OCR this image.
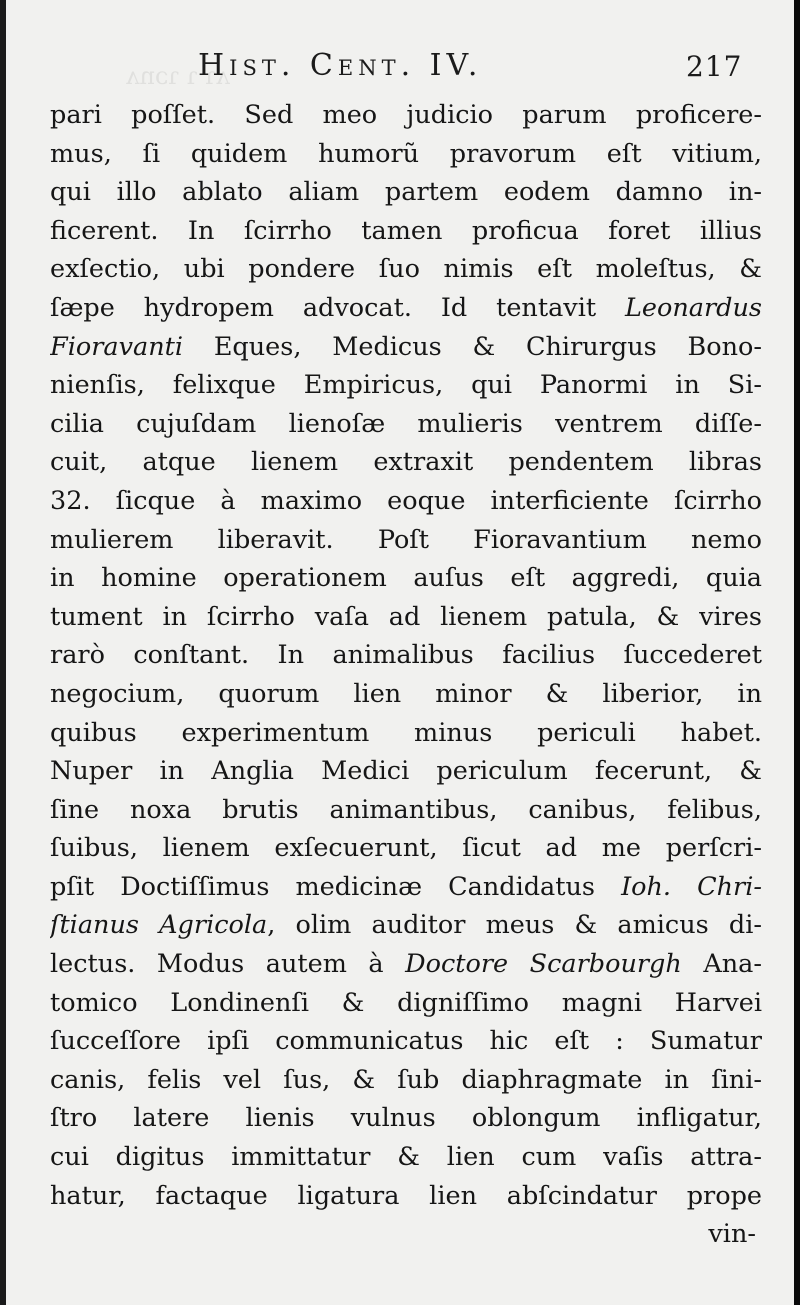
ʌɿ ɿ ɿɔnʌ
Hist. Cent. IV.	217
pari poſſet. Sed meo judicio parum proficere-
mus, ſi quidem humorũ pravorum eſt vitium,
qui illo ablato aliam partem eodem damno in-
ficerent. In ſcirrho tamen proficua foret illius
exſectio, ubi pondere ſuo nimis eſt moleſtus, &
ſæpe hydropem advocat. Id tentavit Leonardus
Fioravanti Eques, Medicus & Chirurgus Bono-
nienſis, felixque Empiricus, qui Panormi in Si-
cilia cujuſdam lienoſæ mulieris ventrem diſſe-
cuit, atque lienem extraxit pendentem libras
32. ſicque à maximo eoque interficiente ſcirrho
mulierem liberavit. Poſt Fioravantium nemo
in homine operationem auſus eſt aggredi, quia
tument in ſcirrho vaſa ad lienem patula, & vires
rarò conſtant. In animalibus facilius ſuccederet
negocium, quorum lien minor & liberior, in
quibus experimentum minus periculi habet.
Nuper in Anglia Medici periculum fecerunt, &
ſine noxa brutis animantibus, canibus, felibus,
ſuibus, lienem exſecuerunt, ſicut ad me perſcri-
pſit Doctiſſimus medicinæ Candidatus Ioh. Chri-
ſtianus Agricola, olim auditor meus & amicus di-
lectus. Modus autem à Doctore Scarbourgh Ana-
tomico Londinenſi & digniſſimo magni Harvei
ſucceſſore ipſi communicatus hic eſt : Sumatur
canis, felis vel ſus, & ſub diaphragmate in ſini-
ſtro latere lienis vulnus oblongum infligatur,
cui digitus immittatur & lien cum vaſis attra-
hatur, factaque ligatura lien abſcindatur prope
vin-
